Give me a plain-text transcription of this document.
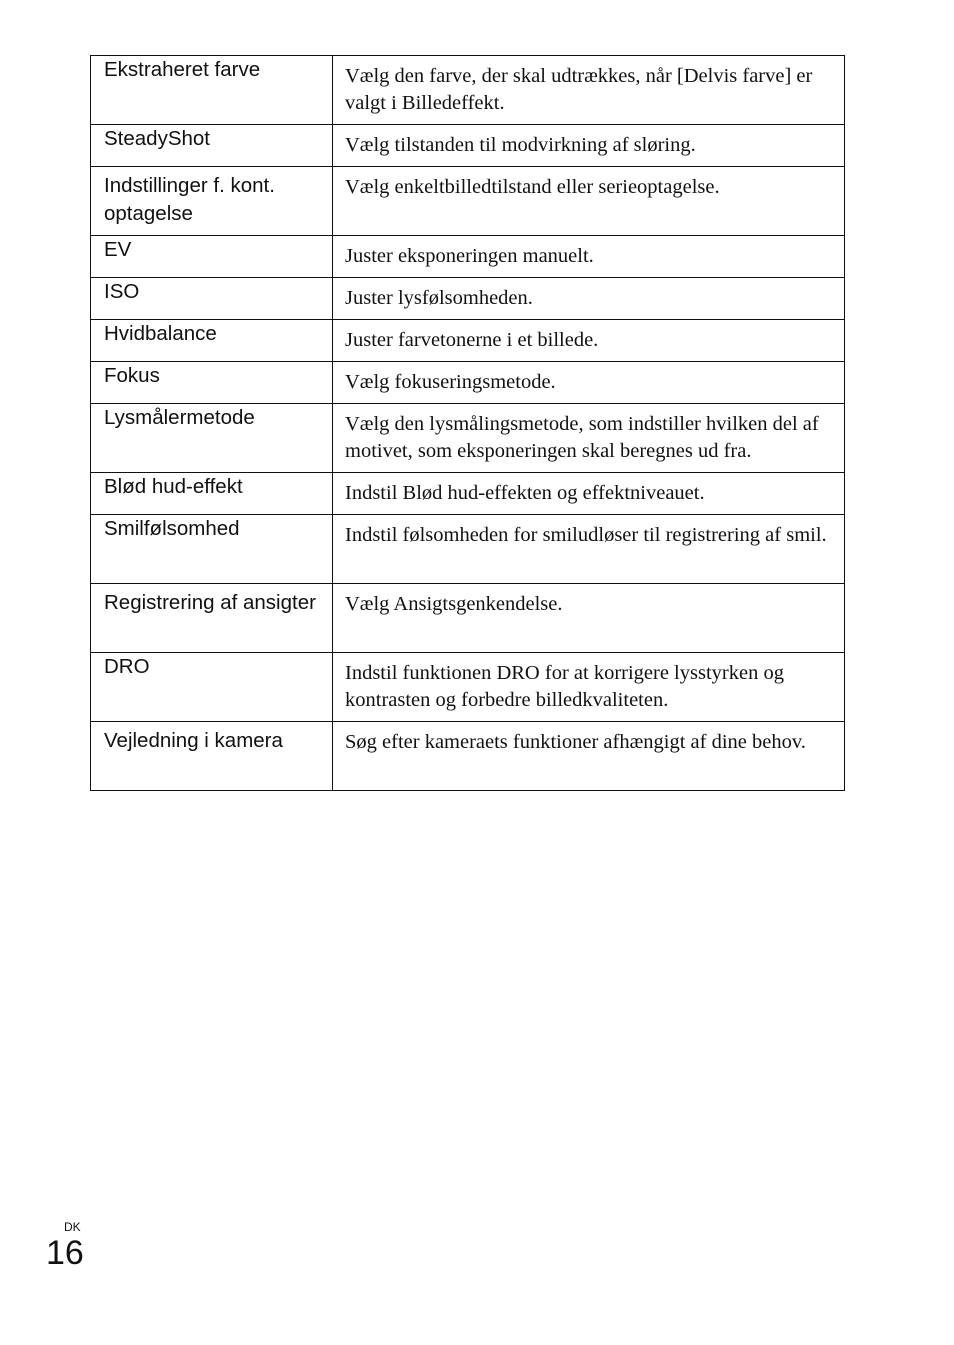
Ekstraheret farve	Vælg den farve, der skal udtrækkes, når [Delvis farve] er valgt i Billedeffekt.
SteadyShot	Vælg tilstanden til modvirkning af sløring.
Indstillinger f. kont. optagelse	Vælg enkeltbilledtilstand eller serieoptagelse.
EV	Juster eksponeringen manuelt.
ISO	Juster lysfølsomheden.
Hvidbalance	Juster farvetonerne i et billede.
Fokus	Vælg fokuseringsmetode.
Lysmålermetode	Vælg den lysmålingsmetode, som indstiller hvilken del af motivet, som eksponeringen skal beregnes ud fra.
Blød hud-effekt	Indstil Blød hud-effekten og effektniveauet.
Smilfølsomhed	Indstil følsomheden for smiludløser til registrering af smil.
Registrering af ansigter	Vælg Ansigtsgenkendelse.
DRO	Indstil funktionen DRO for at korrigere lysstyrken og kontrasten og forbedre billedkvaliteten.
Vejledning i kamera	Søg efter kameraets funktioner afhængigt af dine behov.
DK
16
